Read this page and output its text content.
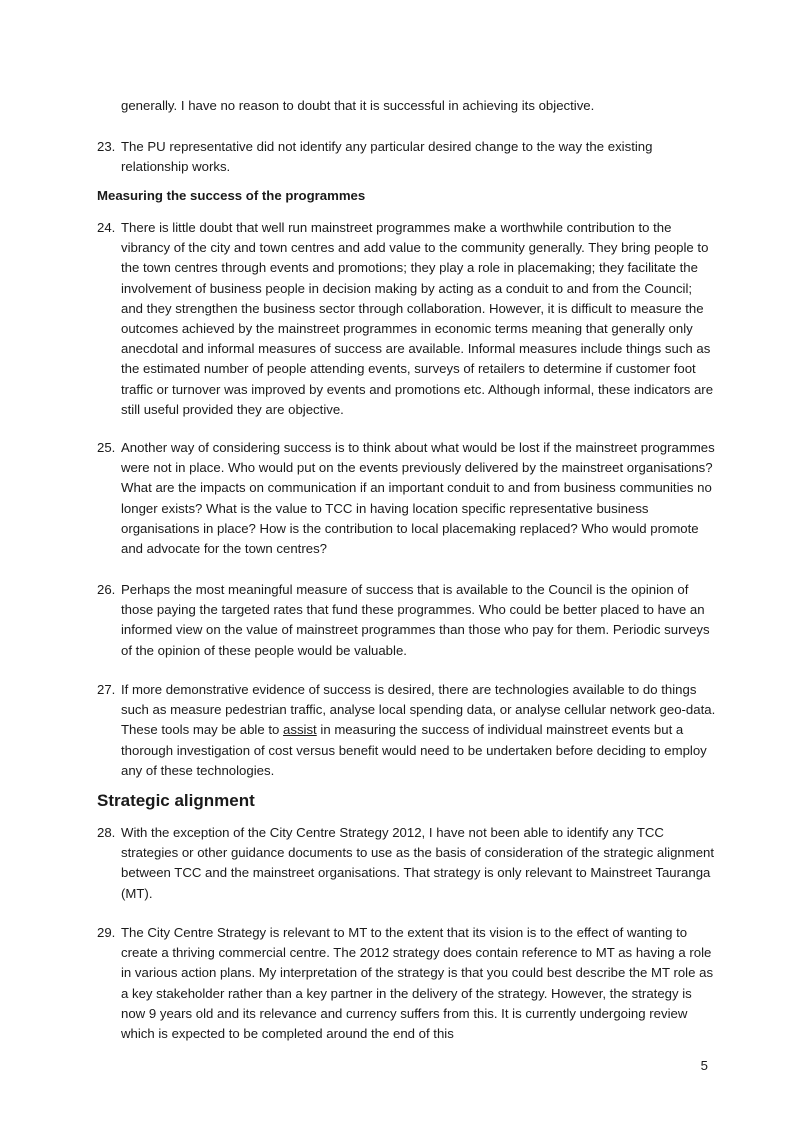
generally. I have no reason to doubt that it is successful in achieving its objective.
23. The PU representative did not identify any particular desired change to the way the existing relationship works.
Measuring the success of the programmes
24. There is little doubt that well run mainstreet programmes make a worthwhile contribution to the vibrancy of the city and town centres and add value to the community generally. They bring people to the town centres through events and promotions; they play a role in placemaking; they facilitate the involvement of business people in decision making by acting as a conduit to and from the Council; and they strengthen the business sector through collaboration. However, it is difficult to measure the outcomes achieved by the mainstreet programmes in economic terms meaning that generally only anecdotal and informal measures of success are available. Informal measures include things such as the estimated number of people attending events, surveys of retailers to determine if customer foot traffic or turnover was improved by events and promotions etc. Although informal, these indicators are still useful provided they are objective.
25. Another way of considering success is to think about what would be lost if the mainstreet programmes were not in place. Who would put on the events previously delivered by the mainstreet organisations? What are the impacts on communication if an important conduit to and from business communities no longer exists? What is the value to TCC in having location specific representative business organisations in place? How is the contribution to local placemaking replaced? Who would promote and advocate for the town centres?
26. Perhaps the most meaningful measure of success that is available to the Council is the opinion of those paying the targeted rates that fund these programmes. Who could be better placed to have an informed view on the value of mainstreet programmes than those who pay for them. Periodic surveys of the opinion of these people would be valuable.
27. If more demonstrative evidence of success is desired, there are technologies available to do things such as measure pedestrian traffic, analyse local spending data, or analyse cellular network geo-data. These tools may be able to assist in measuring the success of individual mainstreet events but a thorough investigation of cost versus benefit would need to be undertaken before deciding to employ any of these technologies.
Strategic alignment
28. With the exception of the City Centre Strategy 2012, I have not been able to identify any TCC strategies or other guidance documents to use as the basis of consideration of the strategic alignment between TCC and the mainstreet organisations. That strategy is only relevant to Mainstreet Tauranga (MT).
29. The City Centre Strategy is relevant to MT to the extent that its vision is to the effect of wanting to create a thriving commercial centre. The 2012 strategy does contain reference to MT as having a role in various action plans. My interpretation of the strategy is that you could best describe the MT role as a key stakeholder rather than a key partner in the delivery of the strategy. However, the strategy is now 9 years old and its relevance and currency suffers from this. It is currently undergoing review which is expected to be completed around the end of this
5
